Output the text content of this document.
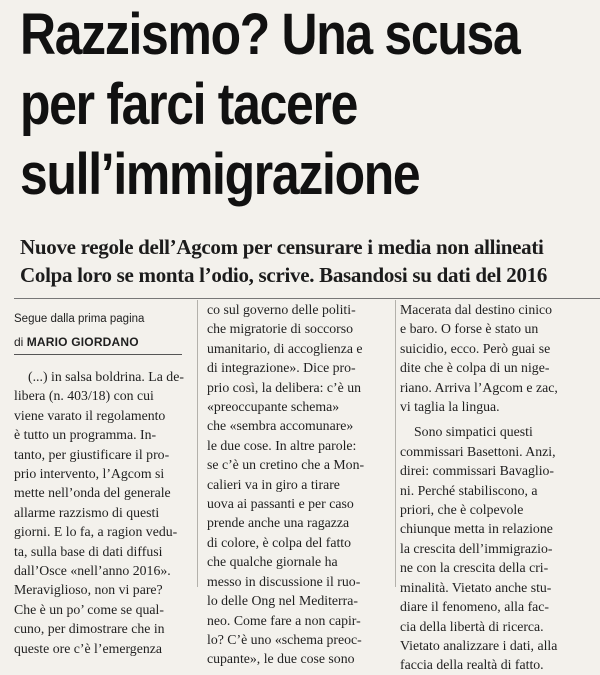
Razzismo? Una scusa
per farci tacere
sull’immigrazione
Nuove regole dell’Agcom per censurare i media non allineati
Colpa loro se monta l’odio, scrive. Basandosi su dati del 2016
Segue dalla prima pagina
di MARIO GIORDANO
(...) in salsa boldrina. La de-
libera (n. 403/18) con cui
viene varato il regolamento
è tutto un programma. In-
tanto, per giustificare il pro-
prio intervento, l’Agcom si
mette nell’onda del generale
allarme razzismo di questi
giorni. E lo fa, a ragion vedu-
ta, sulla base di dati diffusi
dall’Osce «nell’anno 2016».
Meraviglioso, non vi pare?
Che è un po’ come se qual-
cuno, per dimostrare che in
queste ore c’è l’emergenza
co sul governo delle politi-
che migratorie di soccorso
umanitario, di accoglienza e
di integrazione». Dice pro-
prio così, la delibera: c’è un
«preoccupante schema»
che «sembra accomunare»
le due cose. In altre parole:
se c’è un cretino che a Mon-
calieri va in giro a tirare
uova ai passanti e per caso
prende anche una ragazza
di colore, è colpa del fatto
che qualche giornale ha
messo in discussione il ruo-
lo delle Ong nel Mediterra-
neo. Come fare a non capir-
lo? C’è uno «schema preoc-
cupante», le due cose sono
Macerata dal destino cinico
e baro. O forse è stato un
suicidio, ecco. Però guai se
dite che è colpa di un nige-
riano. Arriva l’Agcom e zac,
vi taglia la lingua.
Sono simpatici questi
commissari Basettoni. Anzi,
direi: commissari Bavaglio-
ni. Perché stabiliscono, a
priori, che è colpevole
chiunque metta in relazione
la crescita dell’immigrazio-
ne con la crescita della cri-
minalità. Vietato anche stu-
diare il fenomeno, alla fac-
cia della libertà di ricerca.
Vietato analizzare i dati, alla
faccia della realtà di fatto.
